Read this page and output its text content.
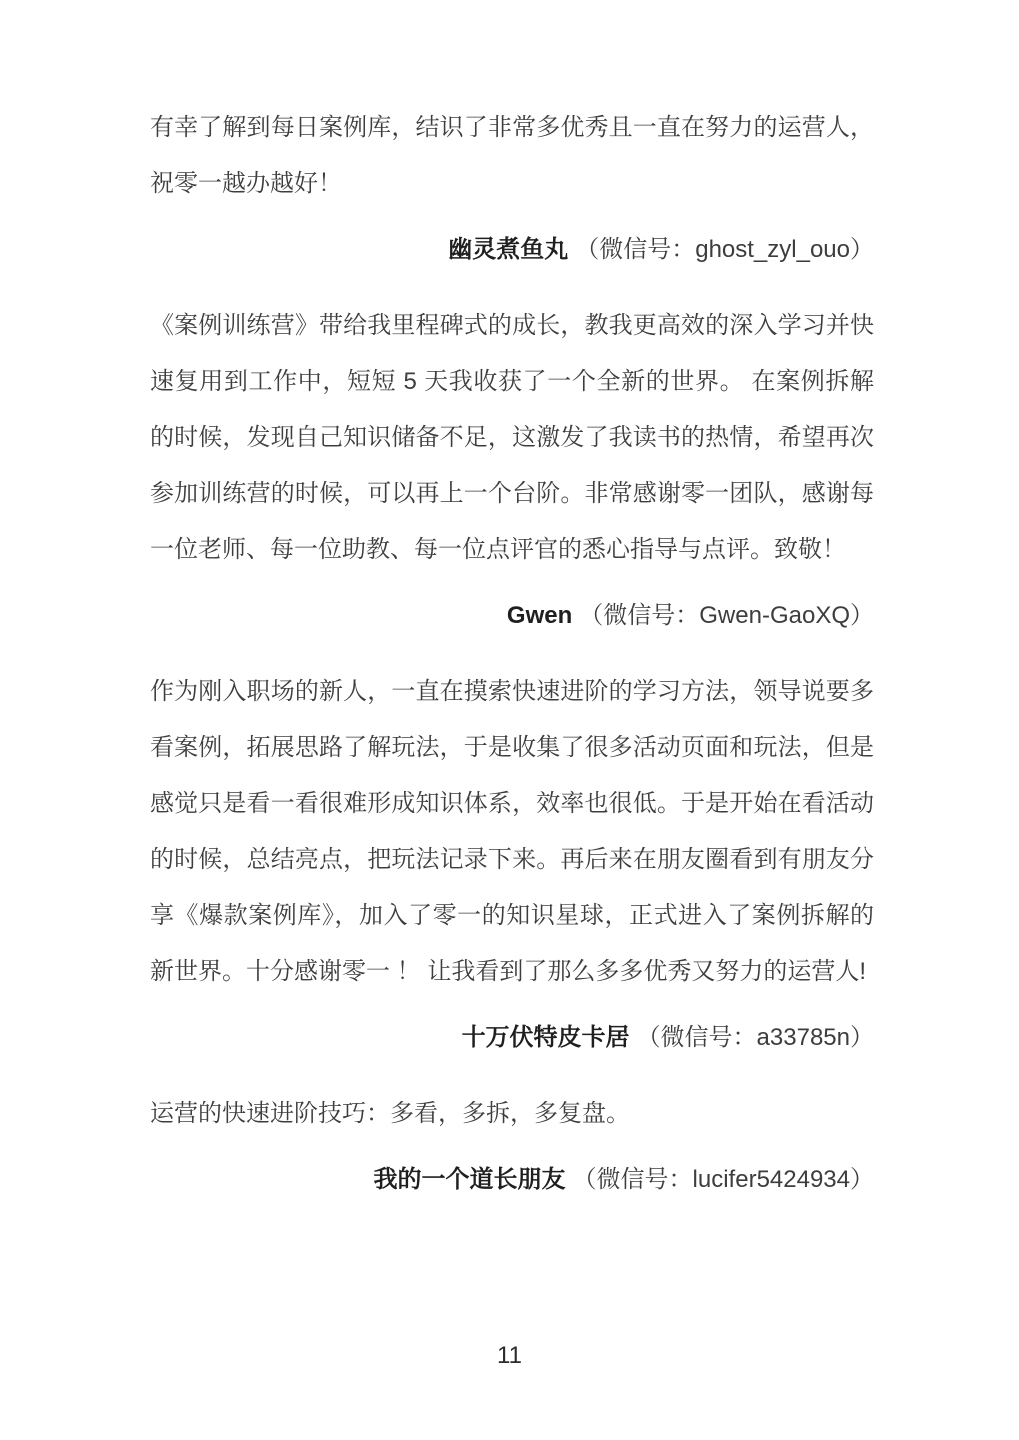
有幸了解到每日案例库，结识了非常多优秀且一直在努力的运营人，祝零一越办越好！

幽灵煮鱼丸 （微信号：ghost_zyl_ouo）

《案例训练营》带给我里程碑式的成长，教我更高效的深入学习并快速复用到工作中，短短 5 天我收获了一个全新的世界。 在案例拆解的时候，发现自己知识储备不足，这激发了我读书的热情，希望再次参加训练营的时候，可以再上一个台阶。非常感谢零一团队，感谢每一位老师、每一位助教、每一位点评官的悉心指导与点评。致敬！

Gwen （微信号：Gwen-GaoXQ）

作为刚入职场的新人，一直在摸索快速进阶的学习方法，领导说要多看案例，拓展思路了解玩法，于是收集了很多活动页面和玩法，但是感觉只是看一看很难形成知识体系，效率也很低。于是开始在看活动的时候，总结亮点，把玩法记录下来。再后来在朋友圈看到有朋友分享《爆款案例库》，加入了零一的知识星球，正式进入了案例拆解的新世界。十分感谢零一 ！ 让我看到了那么多多优秀又努力的运营人!

十万伏特皮卡居 （微信号：a33785n）

运营的快速进阶技巧：多看，多拆，多复盘。

我的一个道长朋友 （微信号：lucifer5424934）
11
